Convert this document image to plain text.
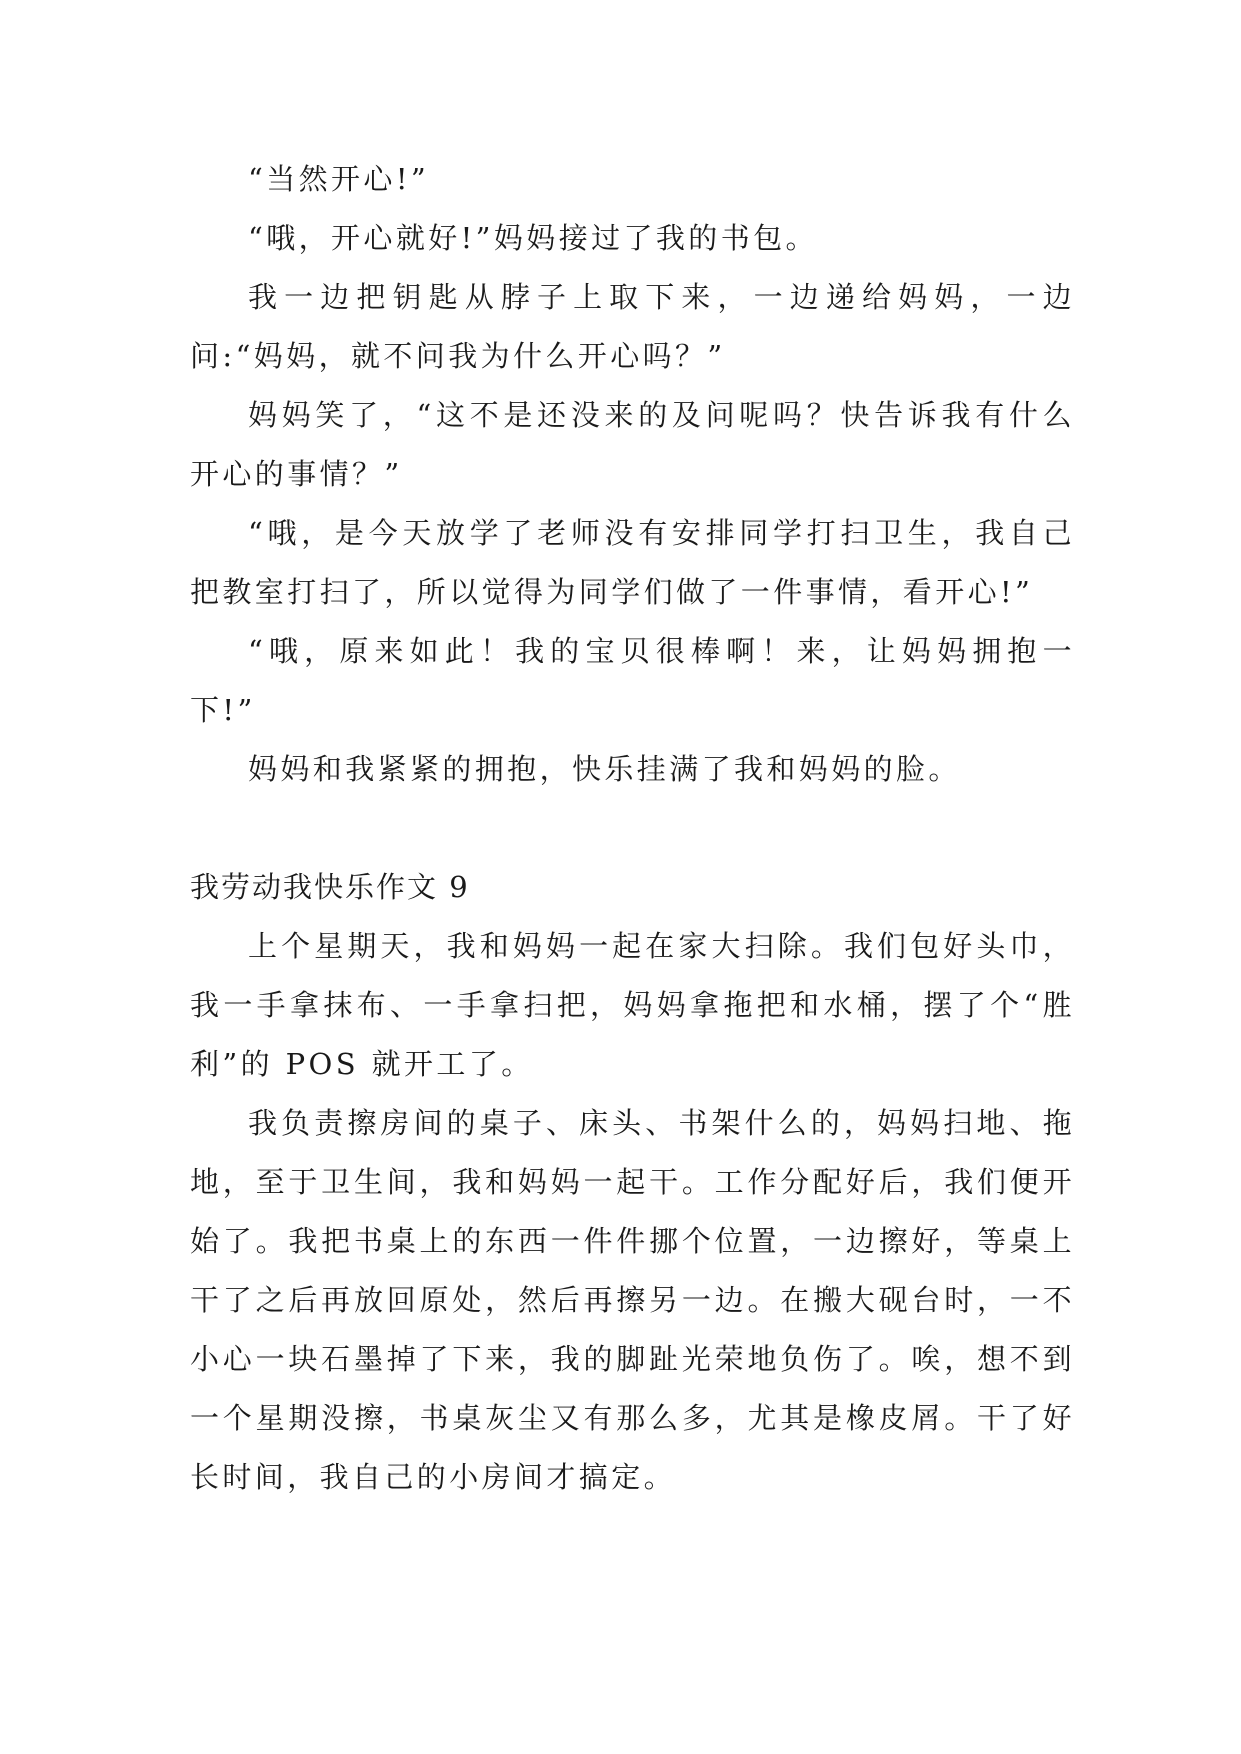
“当然开心!”

“哦，开心就好!”妈妈接过了我的书包。

我一边把钥匙从脖子上取下来，一边递给妈妈，一边问:“妈妈，就不问我为什么开心吗？”

妈妈笑了，“这不是还没来的及问呢吗？快告诉我有什么开心的事情？”

“哦，是今天放学了老师没有安排同学打扫卫生，我自己把教室打扫了，所以觉得为同学们做了一件事情，看开心!”

“哦，原来如此！我的宝贝很棒啊！来，让妈妈拥抱一下!”

妈妈和我紧紧的拥抱，快乐挂满了我和妈妈的脸。

我劳动我快乐作文 9

上个星期天，我和妈妈一起在家大扫除。我们包好头巾，我一手拿抹布、一手拿扫把，妈妈拿拖把和水桶，摆了个“胜利”的 POS 就开工了。

我负责擦房间的桌子、床头、书架什么的，妈妈扫地、拖地，至于卫生间，我和妈妈一起干。工作分配好后，我们便开始了。我把书桌上的东西一件件挪个位置，一边擦好，等桌上干了之后再放回原处，然后再擦另一边。在搬大砚台时，一不小心一块石墨掉了下来，我的脚趾光荣地负伤了。唉，想不到一个星期没擦，书桌灰尘又有那么多，尤其是橡皮屑。干了好长时间，我自己的小房间才搞定。
